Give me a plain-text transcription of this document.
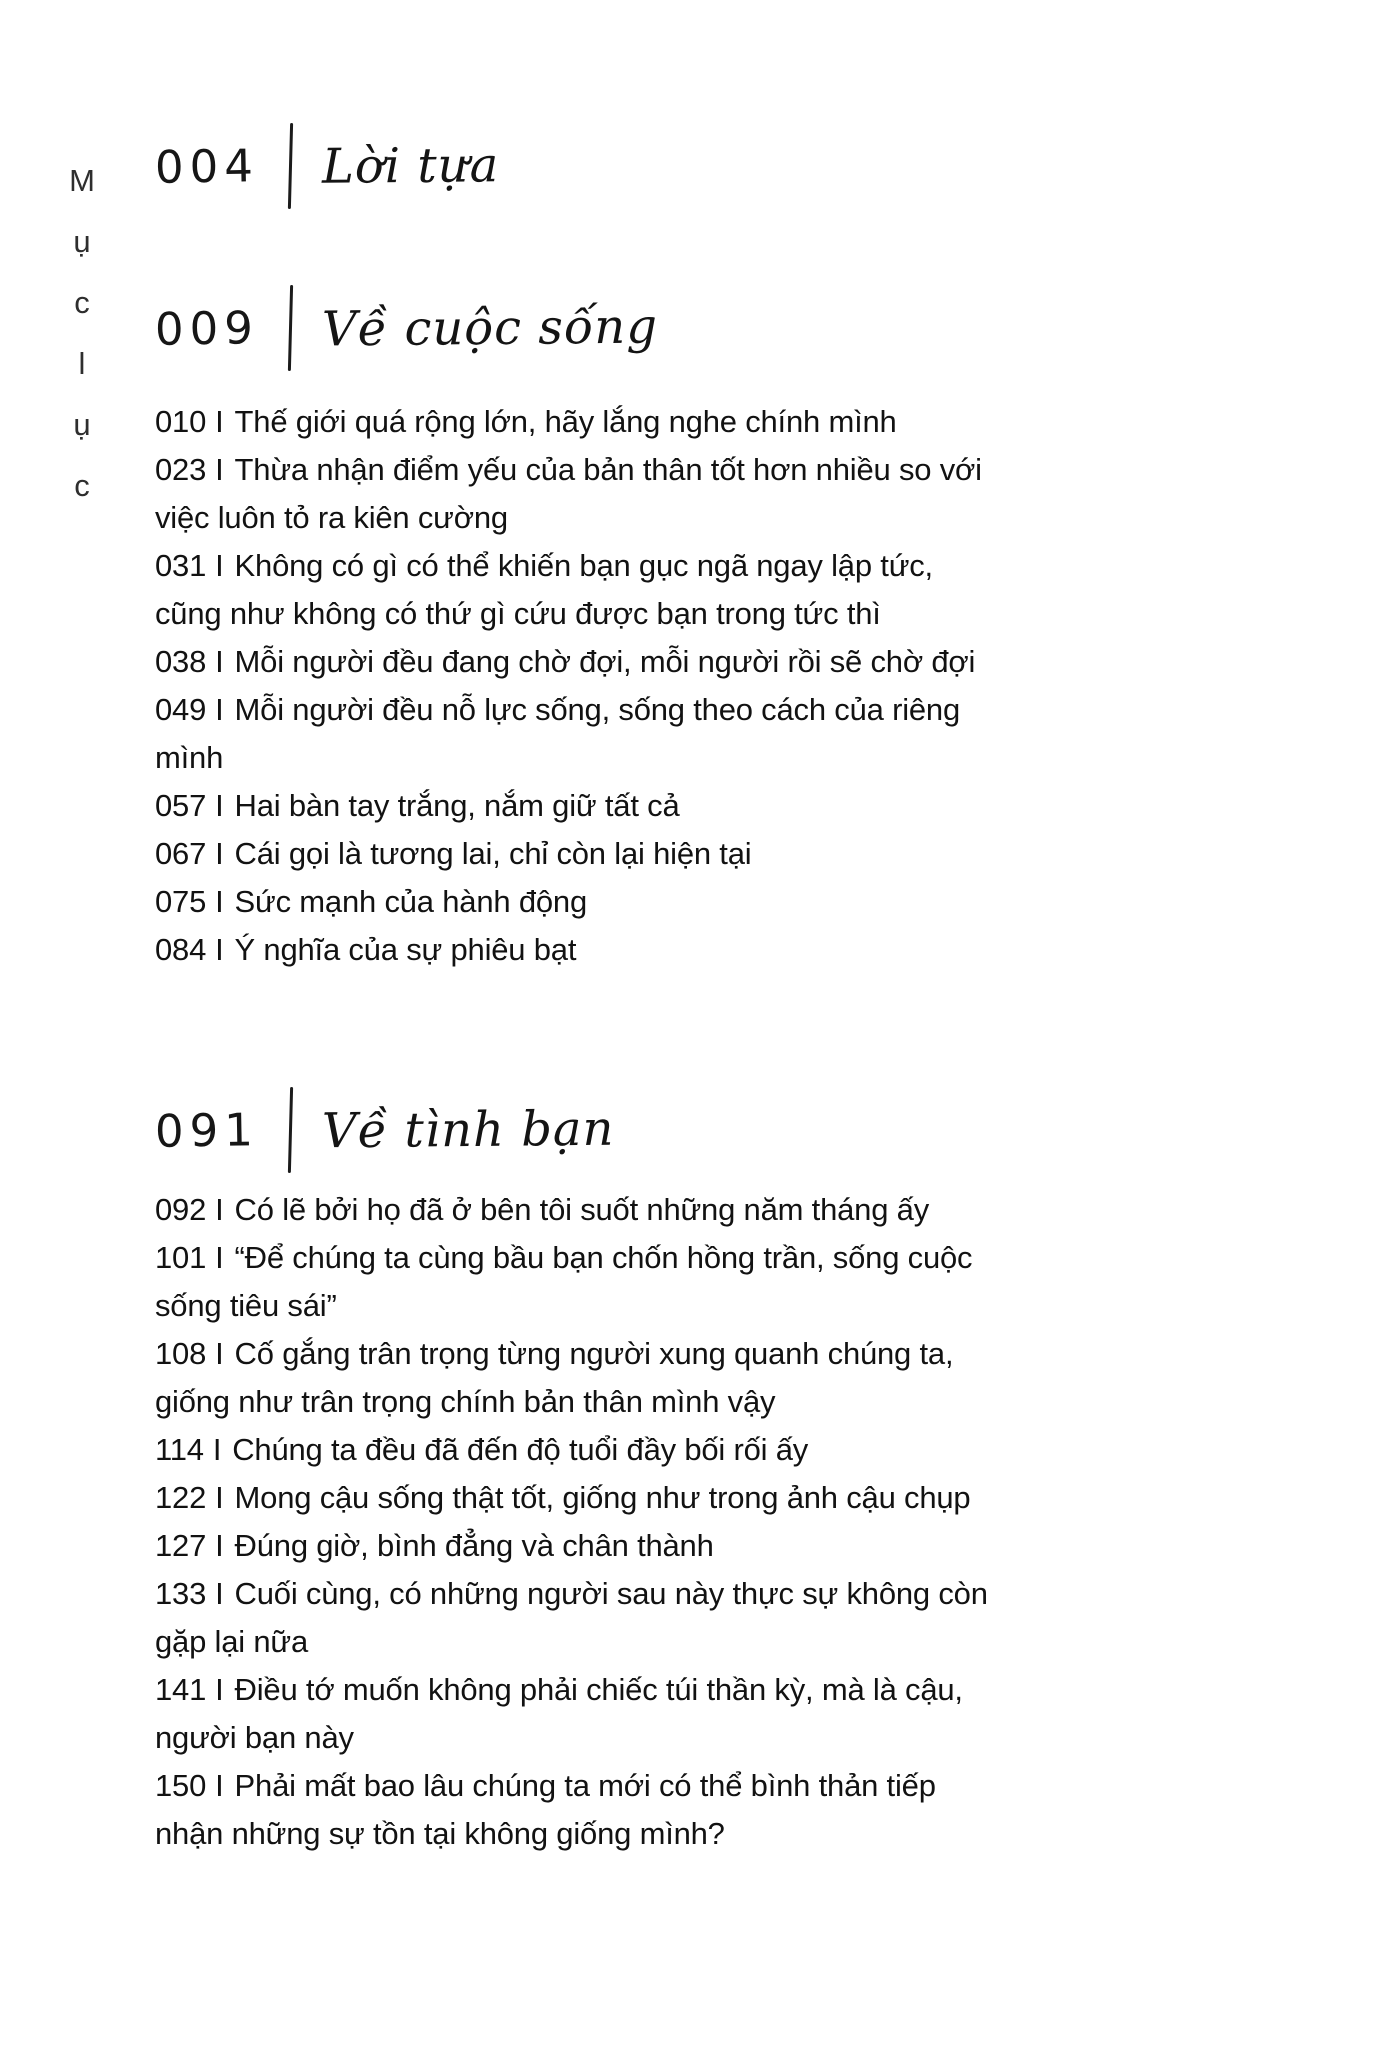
M
ụ
c
l
ụ
c
004 Lời tựa
009 Về cuộc sống
010 I Thế giới quá rộng lớn, hãy lắng nghe chính mình
023 I Thừa nhận điểm yếu của bản thân tốt hơn nhiều so với việc luôn tỏ ra kiên cường
031 I Không có gì có thể khiến bạn gục ngã ngay lập tức, cũng như không có thứ gì cứu được bạn trong tức thì
038 I Mỗi người đều đang chờ đợi, mỗi người rồi sẽ chờ đợi
049 I Mỗi người đều nỗ lực sống, sống theo cách của riêng mình
057 I Hai bàn tay trắng, nắm giữ tất cả
067 I Cái gọi là tương lai, chỉ còn lại hiện tại
075 I Sức mạnh của hành động
084 I Ý nghĩa của sự phiêu bạt
091 Về tình bạn
092 I Có lẽ bởi họ đã ở bên tôi suốt những năm tháng ấy
101 I “Để chúng ta cùng bầu bạn chốn hồng trần, sống cuộc sống tiêu sái”
108 I Cố gắng trân trọng từng người xung quanh chúng ta, giống như trân trọng chính bản thân mình vậy
114 I Chúng ta đều đã đến độ tuổi đầy bối rối ấy
122 I Mong cậu sống thật tốt, giống như trong ảnh cậu chụp
127 I Đúng giờ, bình đẳng và chân thành
133 I Cuối cùng, có những người sau này thực sự không còn gặp lại nữa
141 I Điều tớ muốn không phải chiếc túi thần kỳ, mà là cậu, người bạn này
150 I Phải mất bao lâu chúng ta mới có thể bình thản tiếp nhận những sự tồn tại không giống mình?
